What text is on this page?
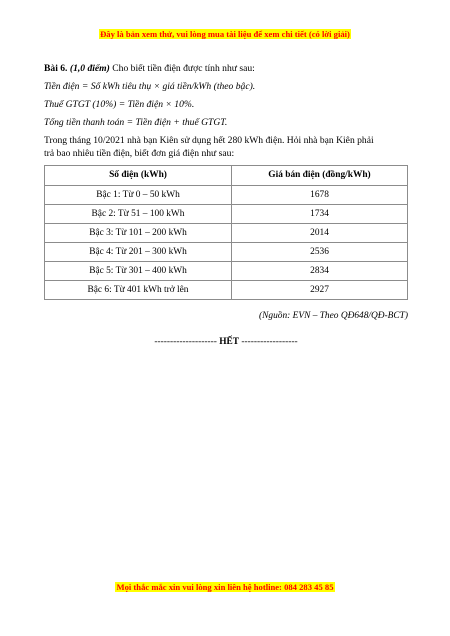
Đây là bản xem thử, vui lòng mua tài liệu để xem chi tiết (có lời giải)

Bài 6. (1,0 điểm) Cho biết tiền điện được tính như sau:

Tiền điện = Số kWh tiêu thụ × giá tiền/kWh (theo bậc).

Thuế GTGT (10%) = Tiền điện × 10%.

Tổng tiền thanh toán = Tiền điện + thuế GTGT.

Trong tháng 10/2021 nhà bạn Kiên sử dụng hết 280 kWh điện. Hỏi nhà bạn Kiên phải

trả bao nhiêu tiền điện, biết đơn giá điện như sau:

Số điện (kWh)	Giá bán điện (đồng/kWh)
Bậc 1: Từ 0 – 50 kWh	1678
Bậc 2: Từ 51 – 100 kWh	1734
Bậc 3: Từ 101 – 200 kWh	2014
Bậc 4: Từ 201 – 300 kWh	2536
Bậc 5: Từ 301 – 400 kWh	2834
Bậc 6: Từ 401 kWh trở lên	2927

(Nguồn: EVN – Theo QĐ648/QĐ-BCT)

-------------------- HẾT ------------------

Mọi thắc mắc xin vui lòng xin liên hệ hotline: 084 283 45 85
